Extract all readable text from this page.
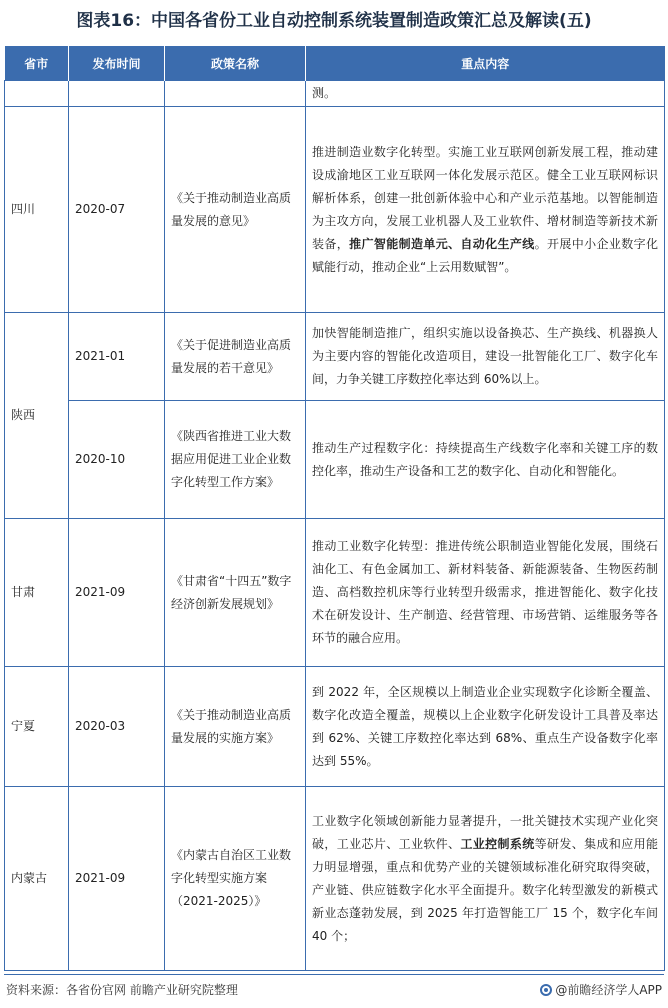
图表16：中国各省份工业自动控制系统装置制造政策汇总及解读(五)
省市	发布时间	政策名称	重点内容
			测。
四川	2020-07	《关于推动制造业高质量发展的意见》	推进制造业数字化转型。实施工业互联网创新发展工程，推动建设成渝地区工业互联网一体化发展示范区。健全工业互联网标识解析体系，创建一批创新体验中心和产业示范基地。以智能制造为主攻方向，发展工业机器人及工业软件、增材制造等新技术新装备，推广智能制造单元、自动化生产线。开展中小企业数字化赋能行动，推动企业“上云用数赋智”。

陕西	2021-01	《关于促进制造业高质量发展的若干意见》	加快智能制造推广，组织实施以设备换芯、生产换线、机器换人为主要内容的智能化改造项目，建设一批智能化工厂、数字化车间，力争关键工序数控化率达到 60%以上。
	2020-10	《陕西省推进工业大数据应用促进工业企业数字化转型工作方案》	推动生产过程数字化：持续提高生产线数字化率和关键工序的数控化率，推动生产设备和工艺的数字化、自动化和智能化。
甘肃	2021-09	《甘肃省“十四五”数字经济创新发展规划》	推动工业数字化转型：推进传统公职制造业智能化发展，围绕石油化工、有色金属加工、新材料装备、新能源装备、生物医药制造、高档数控机床等行业转型升级需求，推进智能化、数字化技术在研发设计、生产制造、经营管理、市场营销、运维服务等各环节的融合应用。
宁夏	2020-03	《关于推动制造业高质量发展的实施方案》	到 2022 年，全区规模以上制造业企业实现数字化诊断全覆盖、数字化改造全覆盖，规模以上企业数字化研发设计工具普及率达到 62%、关键工序数控化率达到 68%、重点生产设备数字化率达到 55%。
内蒙古	2021-09	《内蒙古自治区工业数字化转型实施方案（2021-2025）》	工业数字化领域创新能力显著提升，一批关键技术实现产业化突破，工业芯片、工业软件、工业控制系统等研发、集成和应用能力明显增强，重点和优势产业的关键领域标准化研究取得突破，产业链、供应链数字化水平全面提升。数字化转型激发的新模式新业态蓬勃发展，到 2025 年打造智能工厂 15 个，数字化车间 40 个；

资料来源：各省份官网 前瞻产业研究院整理	@前瞻经济学人APP
